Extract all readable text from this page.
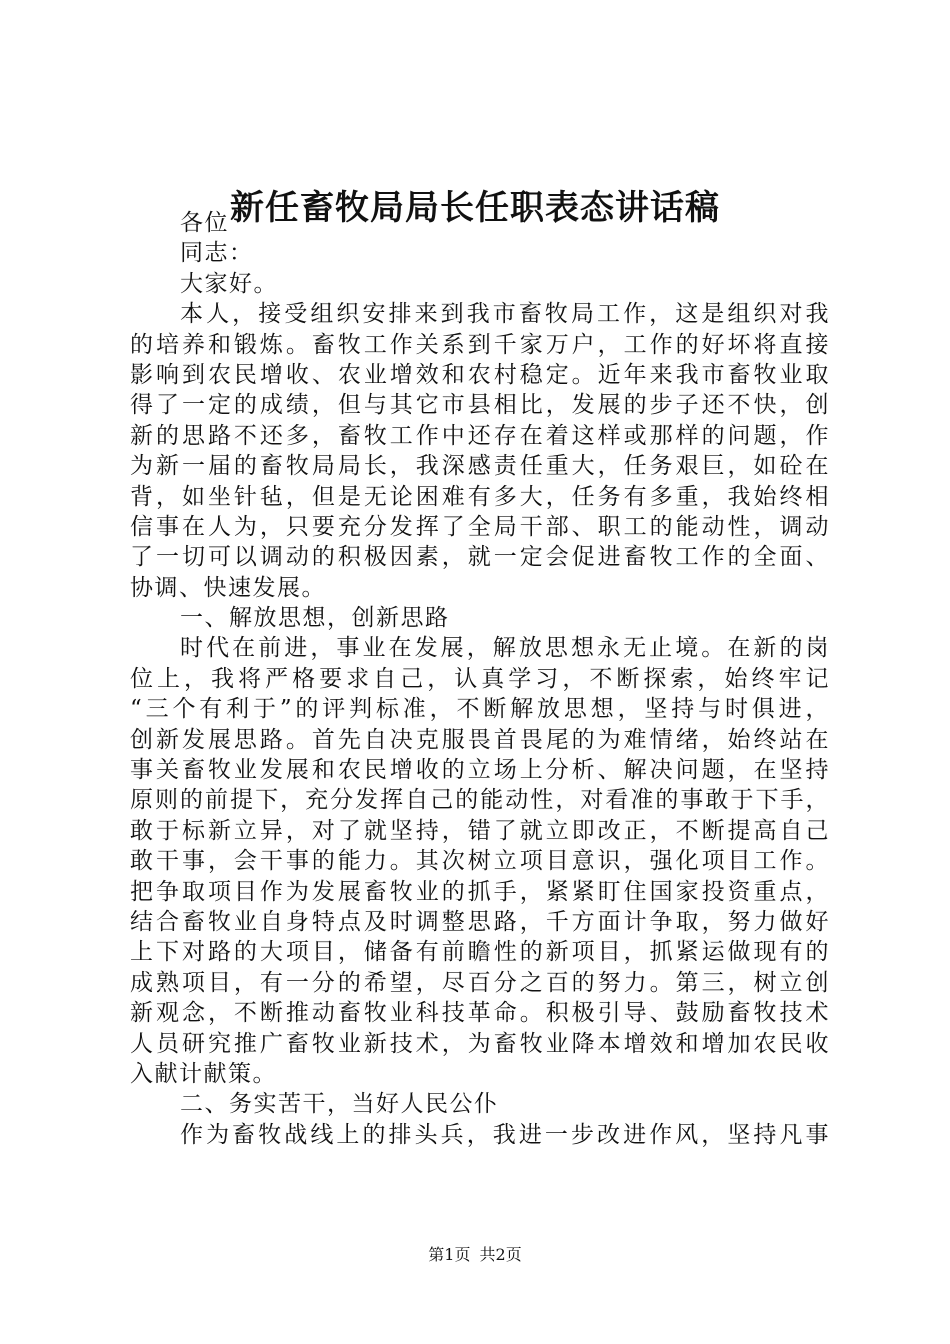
新任畜牧局局长任职表态讲话稿
各位
同志：
大家好。
本人，接受组织安排来到我市畜牧局工作，这是组织对我
的培养和锻炼。畜牧工作关系到千家万户，工作的好坏将直接
影响到农民增收、农业增效和农村稳定。近年来我市畜牧业取
得了一定的成绩，但与其它市县相比，发展的步子还不快，创
新的思路不还多，畜牧工作中还存在着这样或那样的问题，作
为新一届的畜牧局局长，我深感责任重大，任务艰巨，如砼在
背，如坐针毡，但是无论困难有多大，任务有多重，我始终相
信事在人为，只要充分发挥了全局干部、职工的能动性，调动
了一切可以调动的积极因素，就一定会促进畜牧工作的全面、
协调、快速发展。
一、解放思想，创新思路
时代在前进，事业在发展，解放思想永无止境。在新的岗
位上，我将严格要求自己，认真学习，不断探索，始终牢记
“三个有利于”的评判标准，不断解放思想，坚持与时俱进，
创新发展思路。首先自决克服畏首畏尾的为难情绪，始终站在
事关畜牧业发展和农民增收的立场上分析、解决问题，在坚持
原则的前提下，充分发挥自己的能动性，对看准的事敢于下手，
敢于标新立异，对了就坚持，错了就立即改正，不断提高自己
敢干事，会干事的能力。其次树立项目意识，强化项目工作。
把争取项目作为发展畜牧业的抓手，紧紧盯住国家投资重点，
结合畜牧业自身特点及时调整思路，千方面计争取，努力做好
上下对路的大项目，储备有前瞻性的新项目，抓紧运做现有的
成熟项目，有一分的希望，尽百分之百的努力。第三，树立创
新观念，不断推动畜牧业科技革命。积极引导、鼓励畜牧技术
人员研究推广畜牧业新技术，为畜牧业降本增效和增加农民收
入献计献策。
二、务实苦干，当好人民公仆
作为畜牧战线上的排头兵，我进一步改进作风，坚持凡事
第1页 共2页
